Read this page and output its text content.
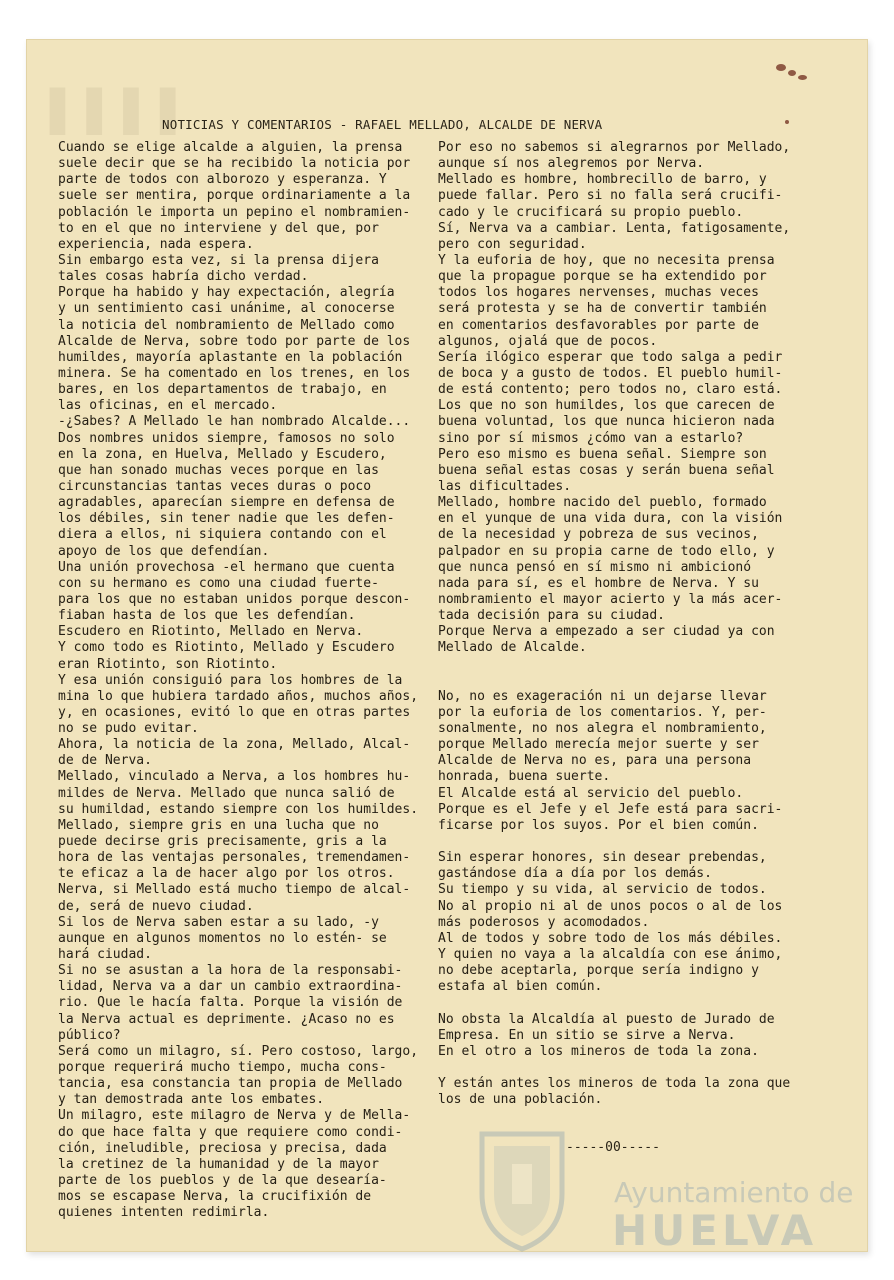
▌▌▌▌
NOTICIAS Y COMENTARIOS - RAFAEL MELLADO, ALCALDE DE NERVA
Cuando se elige alcalde a alguien, la prensa
suele decir que se ha recibido la noticia por
parte de todos con alborozo y esperanza. Y
suele ser mentira, porque ordinariamente a la
población le importa un pepino el nombramien-
to en el que no interviene y del que, por
experiencia, nada espera.
Sin embargo esta vez, si la prensa dijera
tales cosas habría dicho verdad.
Porque ha habido y hay expectación, alegría
y un sentimiento casi unánime, al conocerse
la noticia del nombramiento de Mellado como
Alcalde de Nerva, sobre todo por parte de los
humildes, mayoría aplastante en la población
minera. Se ha comentado en los trenes, en los
bares, en los departamentos de trabajo, en
las oficinas, en el mercado.
-¿Sabes? A Mellado le han nombrado Alcalde...
Dos nombres unidos siempre, famosos no solo
en la zona, en Huelva, Mellado y Escudero,
que han sonado muchas veces porque en las
circunstancias tantas veces duras o poco
agradables, aparecían siempre en defensa de
los débiles, sin tener nadie que les defen-
diera a ellos, ni siquiera contando con el
apoyo de los que defendían.
Una unión provechosa -el hermano que cuenta
con su hermano es como una ciudad fuerte-
para los que no estaban unidos porque descon-
fiaban hasta de los que les defendían.
Escudero en Riotinto, Mellado en Nerva.
Y como todo es Riotinto, Mellado y Escudero
eran Riotinto, son Riotinto.
Y esa unión consiguió para los hombres de la
mina lo que hubiera tardado años, muchos años,
y, en ocasiones, evitó lo que en otras partes
no se pudo evitar.
Ahora, la noticia de la zona, Mellado, Alcal-
de de Nerva.
Mellado, vinculado a Nerva, a los hombres hu-
mildes de Nerva. Mellado que nunca salió de
su humildad, estando siempre con los humildes.
Mellado, siempre gris en una lucha que no
puede decirse gris precisamente, gris a la
hora de las ventajas personales, tremendamen-
te eficaz a la de hacer algo por los otros.
Nerva, si Mellado está mucho tiempo de alcal-
de, será de nuevo ciudad.
Si los de Nerva saben estar a su lado, -y
aunque en algunos momentos no lo estén- se
hará ciudad.
Si no se asustan a la hora de la responsabi-
lidad, Nerva va a dar un cambio extraordina-
rio. Que le hacía falta. Porque la visión de
la Nerva actual es deprimente. ¿Acaso no es
público?
Será como un milagro, sí. Pero costoso, largo,
porque requerirá mucho tiempo, mucha cons-
tancia, esa constancia tan propia de Mellado
y tan demostrada ante los embates.
Un milagro, este milagro de Nerva y de Mella-
do que hace falta y que requiere como condi-
ción, ineludible, preciosa y precisa, dada
la cretinez de la humanidad y de la mayor
parte de los pueblos y de la que desearía-
mos se escapase Nerva, la crucifixión de
quienes intenten redimirla.
Por eso no sabemos si alegrarnos por Mellado,
aunque sí nos alegremos por Nerva.
Mellado es hombre, hombrecillo de barro, y
puede fallar. Pero si no falla será crucifi-
cado y le crucificará su propio pueblo.
Sí, Nerva va a cambiar. Lenta, fatigosamente,
pero con seguridad.
Y la euforia de hoy, que no necesita prensa
que la propague porque se ha extendido por
todos los hogares nervenses, muchas veces
será protesta y se ha de convertir también
en comentarios desfavorables por parte de
algunos, ojalá que de pocos.
Sería ilógico esperar que todo salga a pedir
de boca y a gusto de todos. El pueblo humil-
de está contento; pero todos no, claro está.
Los que no son humildes, los que carecen de
buena voluntad, los que nunca hicieron nada
sino por sí mismos ¿cómo van a estarlo?
Pero eso mismo es buena señal. Siempre son
buena señal estas cosas y serán buena señal
las dificultades.
Mellado, hombre nacido del pueblo, formado
en el yunque de una vida dura, con la visión
de la necesidad y pobreza de sus vecinos,
palpador en su propia carne de todo ello, y
que nunca pensó en sí mismo ni ambicionó
nada para sí, es el hombre de Nerva. Y su
nombramiento el mayor acierto y la más acer-
tada decisión para su ciudad.
Porque Nerva a empezado a ser ciudad ya con
Mellado de Alcalde.
No, no es exageración ni un dejarse llevar
por la euforia de los comentarios. Y, per-
sonalmente, no nos alegra el nombramiento,
porque Mellado merecía mejor suerte y ser
Alcalde de Nerva no es, para una persona
honrada, buena suerte.
El Alcalde está al servicio del pueblo.
Porque es el Jefe y el Jefe está para sacri-
ficarse por los suyos. Por el bien común.
Sin esperar honores, sin desear prebendas,
gastándose día a día por los demás.
Su tiempo y su vida, al servicio de todos.
No al propio ni al de unos pocos o al de los
más poderosos y acomodados.
Al de todos y sobre todo de los más débiles.
Y quien no vaya a la alcaldía con ese ánimo,
no debe aceptarla, porque sería indigno y
estafa al bien común.
No obsta la Alcaldía al puesto de Jurado de
Empresa. En un sitio se sirve a Nerva.
En el otro a los mineros de toda la zona.
Y están antes los mineros de toda la zona que
los de una población.
-----00-----
Ayuntamiento de
HUELVA
